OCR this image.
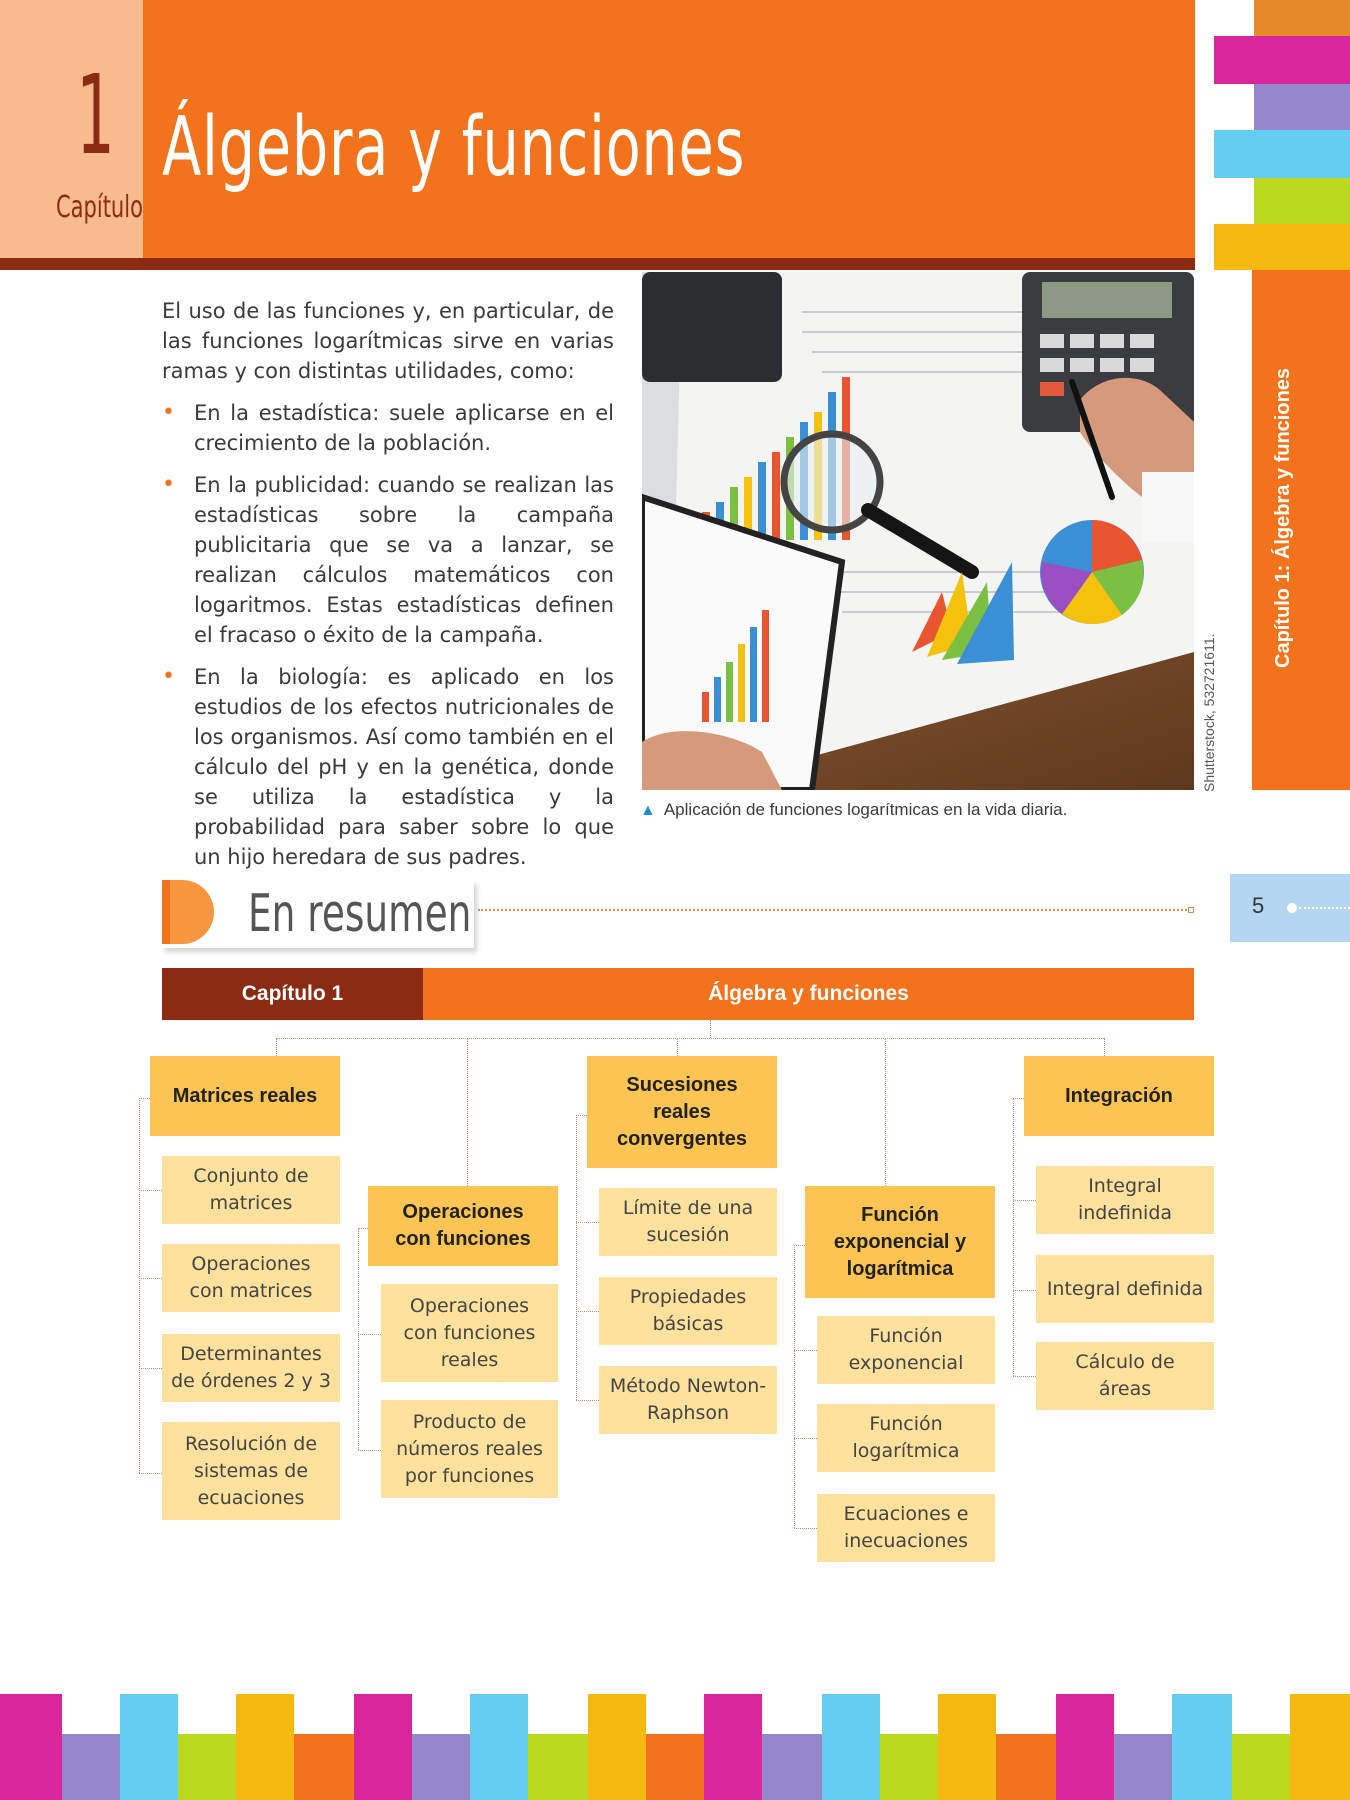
1
Capítulo
Álgebra y funciones
Capítulo 1: Álgebra y funciones

El uso de las funciones y, en particular, de las funciones logarítmicas sirve en varias ramas y con distintas utilidades, como:

• En la estadística: suele aplicarse en el crecimiento de la población.
• En la publicidad: cuando se realizan las estadísticas sobre la campaña publicitaria que se va a lanzar, se realizan cálculos matemáticos con logaritmos. Estas estadísticas definen el fracaso o éxito de la campaña.
• En la biología: es aplicado en los estudios de los efectos nutricionales de los organismos. Así como también en el cálculo del pH y en la genética, donde se utiliza la estadística y la probabilidad para saber sobre lo que un hijo heredara de sus padres.
Shutterstock, 532721611.
▲ Aplicación de funciones logarítmicas en la vida diaria.
En resumen	5
Capítulo 1	Álgebra y funciones
Matrices reales
Conjunto de matrices
Operaciones con matrices
Determinantes de órdenes 2 y 3
Resolución de sistemas de ecuaciones
Operaciones con funciones
Operaciones con funciones reales
Producto de números reales por funciones
Sucesiones reales convergentes
Límite de una sucesión
Propiedades básicas
Método Newton-Raphson
Función exponencial y logarítmica
Función exponencial
Función logarítmica
Ecuaciones e inecuaciones
Integración
Integral indefinida
Integral definida
Cálculo de áreas
